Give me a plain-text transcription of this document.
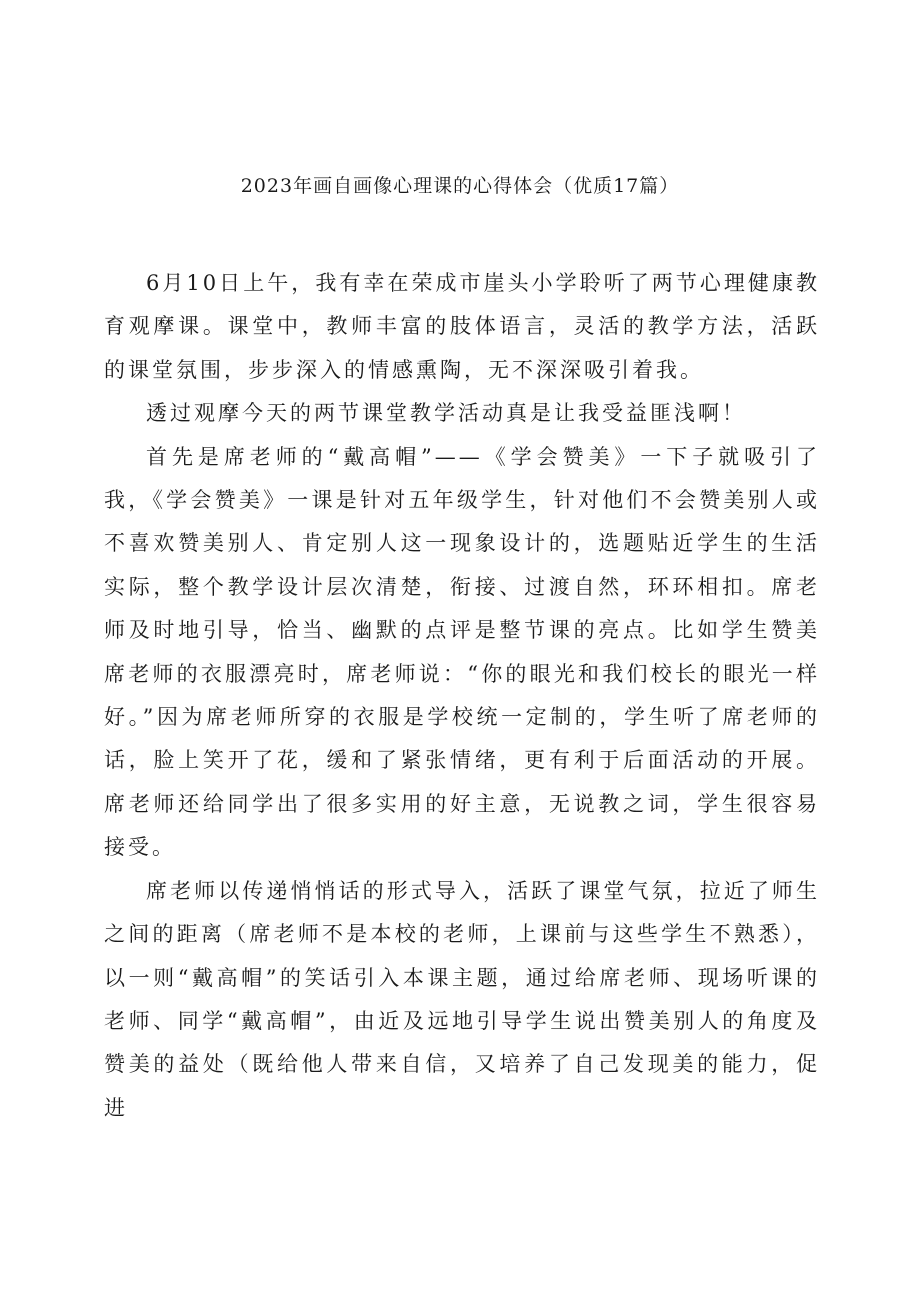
2023年画自画像心理课的心得体会（优质17篇）

6月10日上午，我有幸在荣成市崖头小学聆听了两节心理健康教育观摩课。课堂中，教师丰富的肢体语言，灵活的教学方法，活跃的课堂氛围，步步深入的情感熏陶，无不深深吸引着我。

透过观摩今天的两节课堂教学活动真是让我受益匪浅啊！

首先是席老师的“戴高帽”——《学会赞美》一下子就吸引了我，《学会赞美》一课是针对五年级学生，针对他们不会赞美别人或不喜欢赞美别人、肯定别人这一现象设计的，选题贴近学生的生活实际，整个教学设计层次清楚，衔接、过渡自然，环环相扣。席老师及时地引导，恰当、幽默的点评是整节课的亮点。比如学生赞美席老师的衣服漂亮时，席老师说：“你的眼光和我们校长的眼光一样好。”因为席老师所穿的衣服是学校统一定制的，学生听了席老师的话，脸上笑开了花，缓和了紧张情绪，更有利于后面活动的开展。席老师还给同学出了很多实用的好主意，无说教之词，学生很容易接受。

席老师以传递悄悄话的形式导入，活跃了课堂气氛，拉近了师生之间的距离（席老师不是本校的老师，上课前与这些学生不熟悉），以一则“戴高帽”的笑话引入本课主题，通过给席老师、现场听课的老师、同学“戴高帽”，由近及远地引导学生说出赞美别人的角度及赞美的益处（既给他人带来自信，又培养了自己发现美的能力，促进
